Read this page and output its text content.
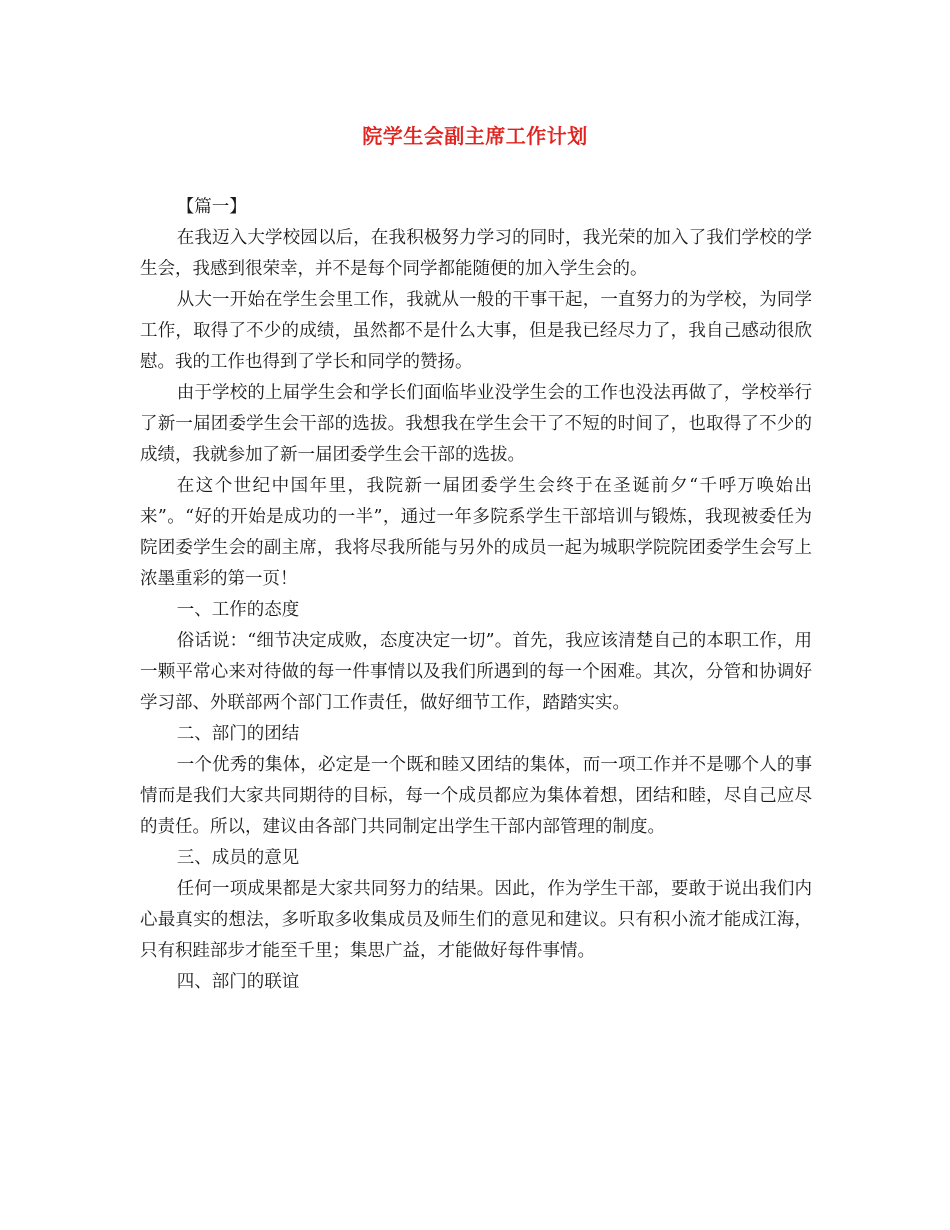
院学生会副主席工作计划

【篇一】

在我迈入大学校园以后，在我积极努力学习的同时，我光荣的加入了我们学校的学生会，我感到很荣幸，并不是每个同学都能随便的加入学生会的。

从大一开始在学生会里工作，我就从一般的干事干起，一直努力的为学校，为同学工作，取得了不少的成绩，虽然都不是什么大事，但是我已经尽力了，我自己感动很欣慰。我的工作也得到了学长和同学的赞扬。

由于学校的上届学生会和学长们面临毕业没学生会的工作也没法再做了，学校举行了新一届团委学生会干部的选拔。我想我在学生会干了不短的时间了，也取得了不少的成绩，我就参加了新一届团委学生会干部的选拔。

在这个世纪中国年里，我院新一届团委学生会终于在圣诞前夕“千呼万唤始出来”。“好的开始是成功的一半”，通过一年多院系学生干部培训与锻炼，我现被委任为院团委学生会的副主席，我将尽我所能与另外的成员一起为城职学院院团委学生会写上浓墨重彩的第一页！

一、工作的态度

俗话说：“细节决定成败，态度决定一切”。首先，我应该清楚自己的本职工作，用一颗平常心来对待做的每一件事情以及我们所遇到的每一个困难。其次，分管和协调好学习部、外联部两个部门工作责任，做好细节工作，踏踏实实。

二、部门的团结

一个优秀的集体，必定是一个既和睦又团结的集体，而一项工作并不是哪个人的事情而是我们大家共同期待的目标，每一个成员都应为集体着想，团结和睦，尽自己应尽的责任。所以，建议由各部门共同制定出学生干部内部管理的制度。

三、成员的意见

任何一项成果都是大家共同努力的结果。因此，作为学生干部，要敢于说出我们内心最真实的想法，多听取多收集成员及师生们的意见和建议。只有积小流才能成江海，只有积跬部步才能至千里；集思广益，才能做好每件事情。

四、部门的联谊
